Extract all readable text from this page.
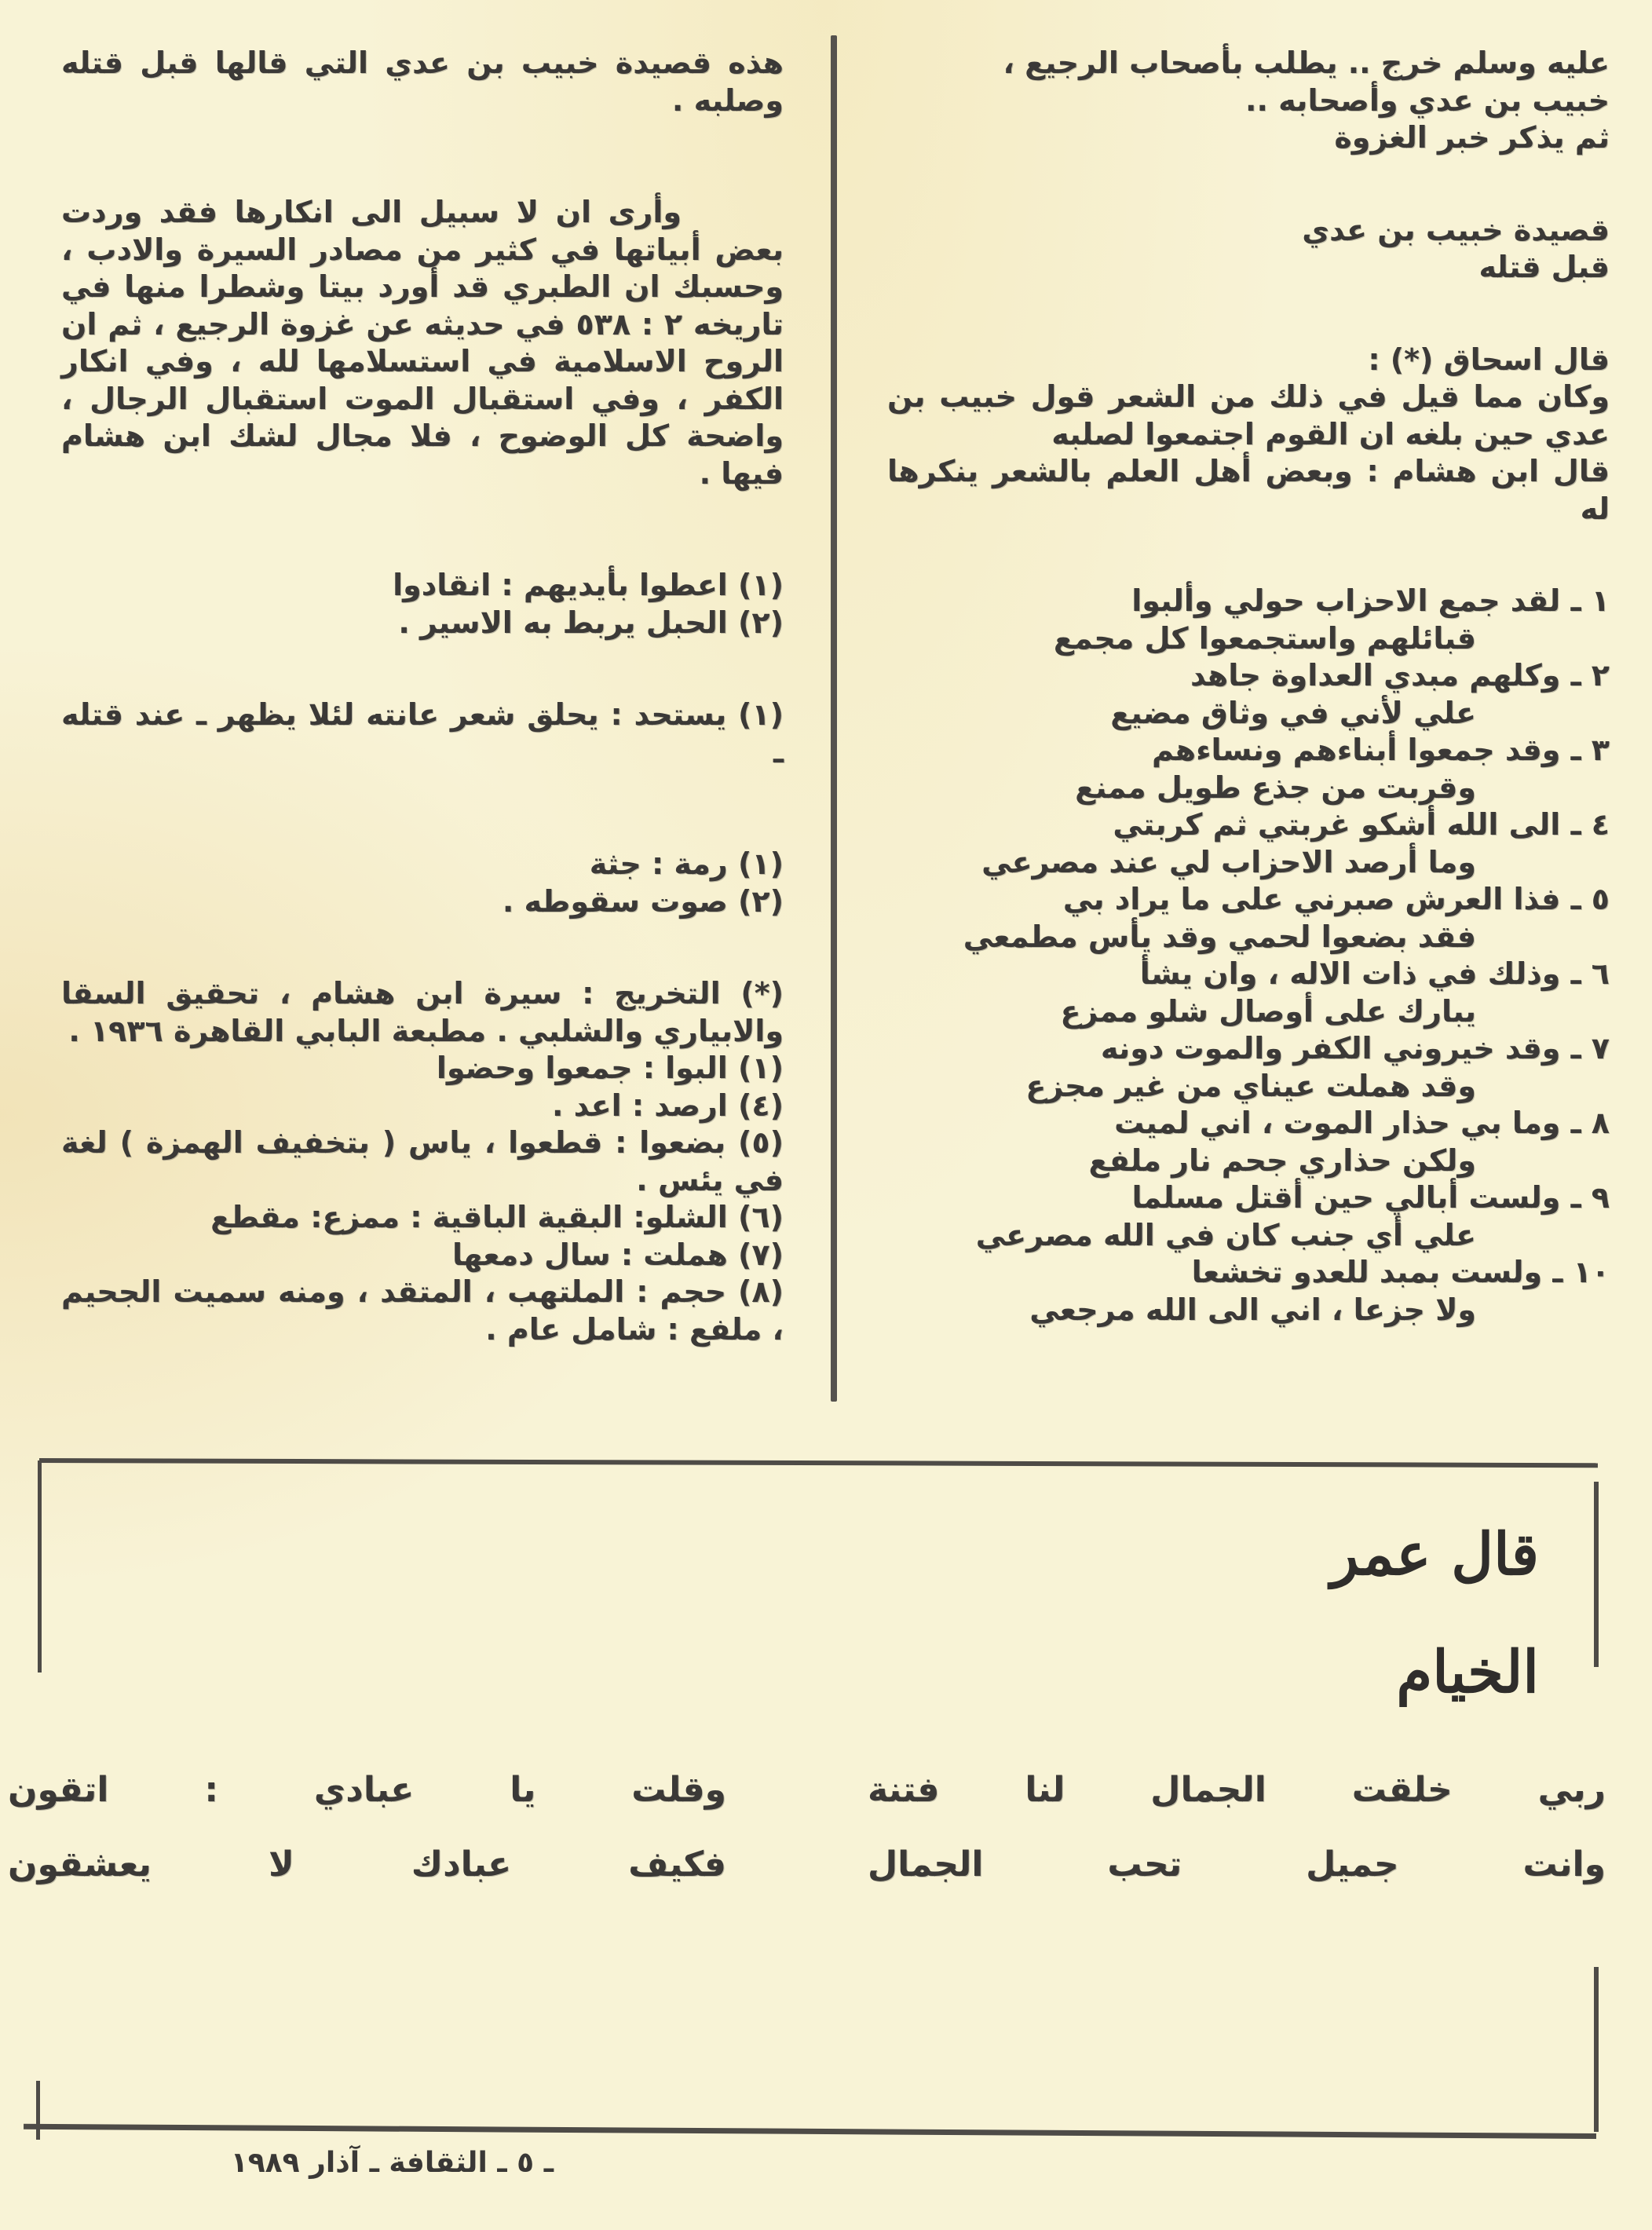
عليه وسلم خرج .. يطلب بأصحاب الرجيع ،

خبيب بن عدي وأصحابه ..

ثم يذكر خبر الغزوة

قصيدة خبيب بن عدي

قبل قتله

قال اسحاق (*) :

وكان مما قيل في ذلك من الشعر قول خبيب بن عدي حين بلغه ان القوم اجتمعوا لصلبه

قال ابن هشام : وبعض أهل العلم بالشعر ينكرها له

١ ـ لقد جمع الاحزاب حولي وألبوا

قبائلهم واستجمعوا كل مجمع

٢ ـ وكلهم مبدي العداوة جاهد

علي لأني في وثاق مضيع

٣ ـ وقد جمعوا أبناءهم ونساءهم

وقربت من جذع طويل ممنع

٤ ـ الى الله أشكو غربتي ثم كربتي

وما أرصد الاحزاب لي عند مصرعي

٥ ـ فذا العرش صبرني على ما يراد بي

فقد بضعوا لحمي وقد يأس مطمعي

٦ ـ وذلك في ذات الاله ، وان يشأ

يبارك على أوصال شلو ممزع

٧ ـ وقد خيروني الكفر والموت دونه

وقد هملت عيناي من غير مجزع

٨ ـ وما بي حذار الموت ، اني لميت

ولكن حذاري جحم نار ملفع

٩ ـ ولست أبالي حين أقتل مسلما

علي أي جنب كان في الله مصرعي

١٠ ـ ولست بمبد للعدو تخشعا

ولا جزعا ، اني الى الله مرجعي

هذه قصيدة خبيب بن عدي التي قالها قبل قتله وصلبه .

وأرى ان لا سبيل الى انكارها فقد وردت بعض أبياتها في كثير من مصادر السيرة والادب ، وحسبك ان الطبري قد أورد بيتا وشطرا منها في تاريخه ٢ : ٥٣٨ في حديثه عن غزوة الرجيع ، ثم ان الروح الاسلامية في استسلامها لله ، وفي انكار الكفر ، وفي استقبال الموت استقبال الرجال ، واضحة كل الوضوح ، فلا مجال لشك ابن هشام فيها .

(١) اعطوا بأيديهم : انقادوا

(٢) الحبل يربط به الاسير .

(١) يستحد : يحلق شعر عانته لئلا يظهر ـ عند قتله ـ

(١) رمة : جثة

(٢) صوت سقوطه .

(*) التخريج : سيرة ابن هشام ، تحقيق السقا والابياري والشلبي . مطبعة البابي القاهرة ١٩٣٦ .

(١) البوا : جمعوا وحضوا

(٤) ارصد : اعد .

(٥) بضعوا : قطعوا ، ياس ( بتخفيف الهمزة ) لغة في يئس .

(٦) الشلو: البقية الباقية : ممزع: مقطع

(٧) هملت : سال دمعها

(٨) حجم : الملتهب ، المتقد ، ومنه سميت الجحيم ، ملفع : شامل عام .

قال عمر الخيام
ربي خلقت الجمال لنا فتنة
وانت جميل تحب الجمال
وقلت يا عبادي : اتقون
فكيف عبادك لا يعشقون
ـ ٥ ـ الثقافة ـ آذار ١٩٨٩
